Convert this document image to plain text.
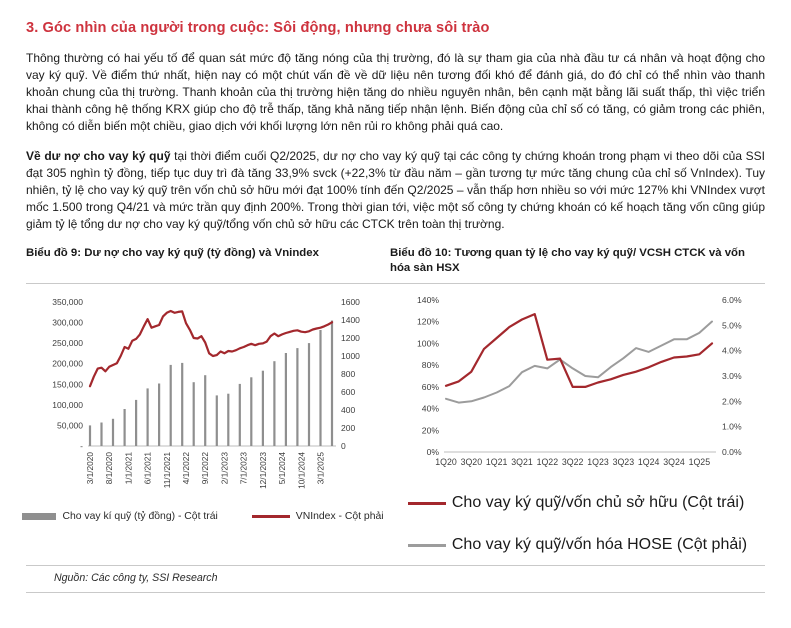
3. Góc nhìn của người trong cuộc: Sôi động, nhưng chưa sôi trào

Thông thường có hai yếu tố để quan sát mức độ tăng nóng của thị trường, đó là sự tham gia của nhà đầu tư cá nhân và hoạt động cho vay ký quỹ. Về điểm thứ nhất, hiện nay có một chút vấn đề về dữ liệu nên tương đối khó để đánh giá, do đó chỉ có thể nhìn vào thanh khoản chung của thị trường. Thanh khoản của thị trường hiện tăng do nhiều nguyên nhân, bên cạnh mặt bằng lãi suất thấp, thì việc triển khai thành công hệ thống KRX giúp cho độ trễ thấp, tăng khả năng tiếp nhận lệnh. Biến động của chỉ số có tăng, có giảm trong các phiên, không có diễn biến một chiều, giao dịch với khối lượng lớn nên rủi ro không phải quá cao.

Về dư nợ cho vay ký quỹ tại thời điểm cuối Q2/2025, dư nợ cho vay ký quỹ tại các công ty chứng khoán trong phạm vi theo dõi của SSI đạt 305 nghìn tỷ đồng, tiếp tục duy trì đà tăng 33,9% svck (+22,3% từ đầu năm – gần tương tự mức tăng chung của chỉ số VnIndex). Tuy nhiên, tỷ lệ cho vay ký quỹ trên vốn chủ sở hữu mới đạt 100% tính đến Q2/2025 – vẫn thấp hơn nhiều so với mức 127% khi VNIndex vượt mốc 1.500 trong Q4/21 và mức trần quy định 200%. Trong thời gian tới, việc một số công ty chứng khoán có kế hoạch tăng vốn cũng giúp giảm tỷ lệ tổng dư nợ cho vay ký quỹ/tổng vốn chủ sở hữu các CTCK trên toàn thị trường.

Biểu đồ 9: Dư nợ cho vay ký quỹ (tỷ đồng) và Vnindex	Biểu đồ 10: Tương quan tỷ lệ cho vay ký quỹ/ VCSH CTCK và vốn hóa sàn HSX
350,000
300,000
250,000
200,000
150,000
100,000
50,000
-
1600
1400
1200
1000
800
600
400
200
0
3/1/2020 8/1/2020 1/1/2021 6/1/2021 11/1/2021 4/1/2022 9/1/2022 2/1/2023 7/1/2023 12/1/2023 5/1/2024 10/1/2024 3/1/2025
Cho vay kí quỹ (tỷ đồng) - Cột trái	VNIndex - Cột phải
140%
120%
100%
80%
60%
40%
20%
0%
6.0%
5.0%
4.0%
3.0%
2.0%
1.0%
0.0%
1Q20 3Q20 1Q21 3Q21 1Q22 3Q22 1Q23 3Q23 1Q24 3Q24 1Q25
Cho vay ký quỹ/vốn chủ sở hữu (Cột trái)

Cho vay ký quỹ/vốn hóa HOSE (Cột phải)
Nguồn: Các công ty, SSI Research
